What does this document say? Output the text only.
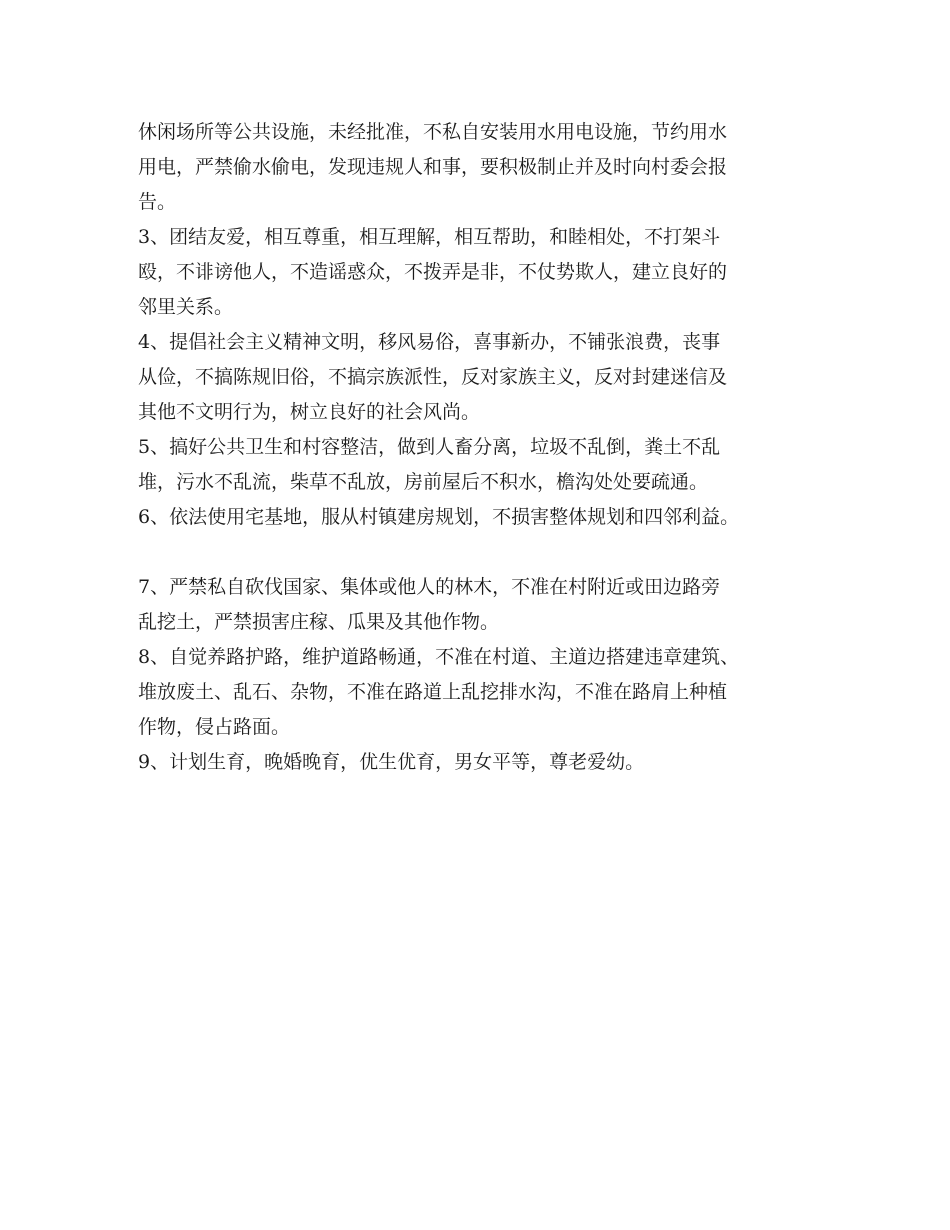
休闲场所等公共设施，未经批准，不私自安装用水用电设施，节约用水
用电，严禁偷水偷电，发现违规人和事，要积极制止并及时向村委会报
告。
3、团结友爱，相互尊重，相互理解，相互帮助，和睦相处，不打架斗
殴，不诽谤他人，不造谣惑众，不拨弄是非，不仗势欺人，建立良好的
邻里关系。
4、提倡社会主义精神文明，移风易俗，喜事新办，不铺张浪费，丧事
从俭，不搞陈规旧俗，不搞宗族派性，反对家族主义，反对封建迷信及
其他不文明行为，树立良好的社会风尚。
5、搞好公共卫生和村容整洁，做到人畜分离，垃圾不乱倒，粪土不乱
堆，污水不乱流，柴草不乱放，房前屋后不积水，檐沟处处要疏通。
6、依法使用宅基地，服从村镇建房规划，不损害整体规划和四邻利益。
7、严禁私自砍伐国家、集体或他人的林木，不准在村附近或田边路旁
乱挖土，严禁损害庄稼、瓜果及其他作物。
8、自觉养路护路，维护道路畅通，不准在村道、主道边搭建违章建筑、
堆放废土、乱石、杂物，不准在路道上乱挖排水沟，不准在路肩上种植
作物，侵占路面。
9、计划生育，晚婚晚育，优生优育，男女平等，尊老爱幼。
